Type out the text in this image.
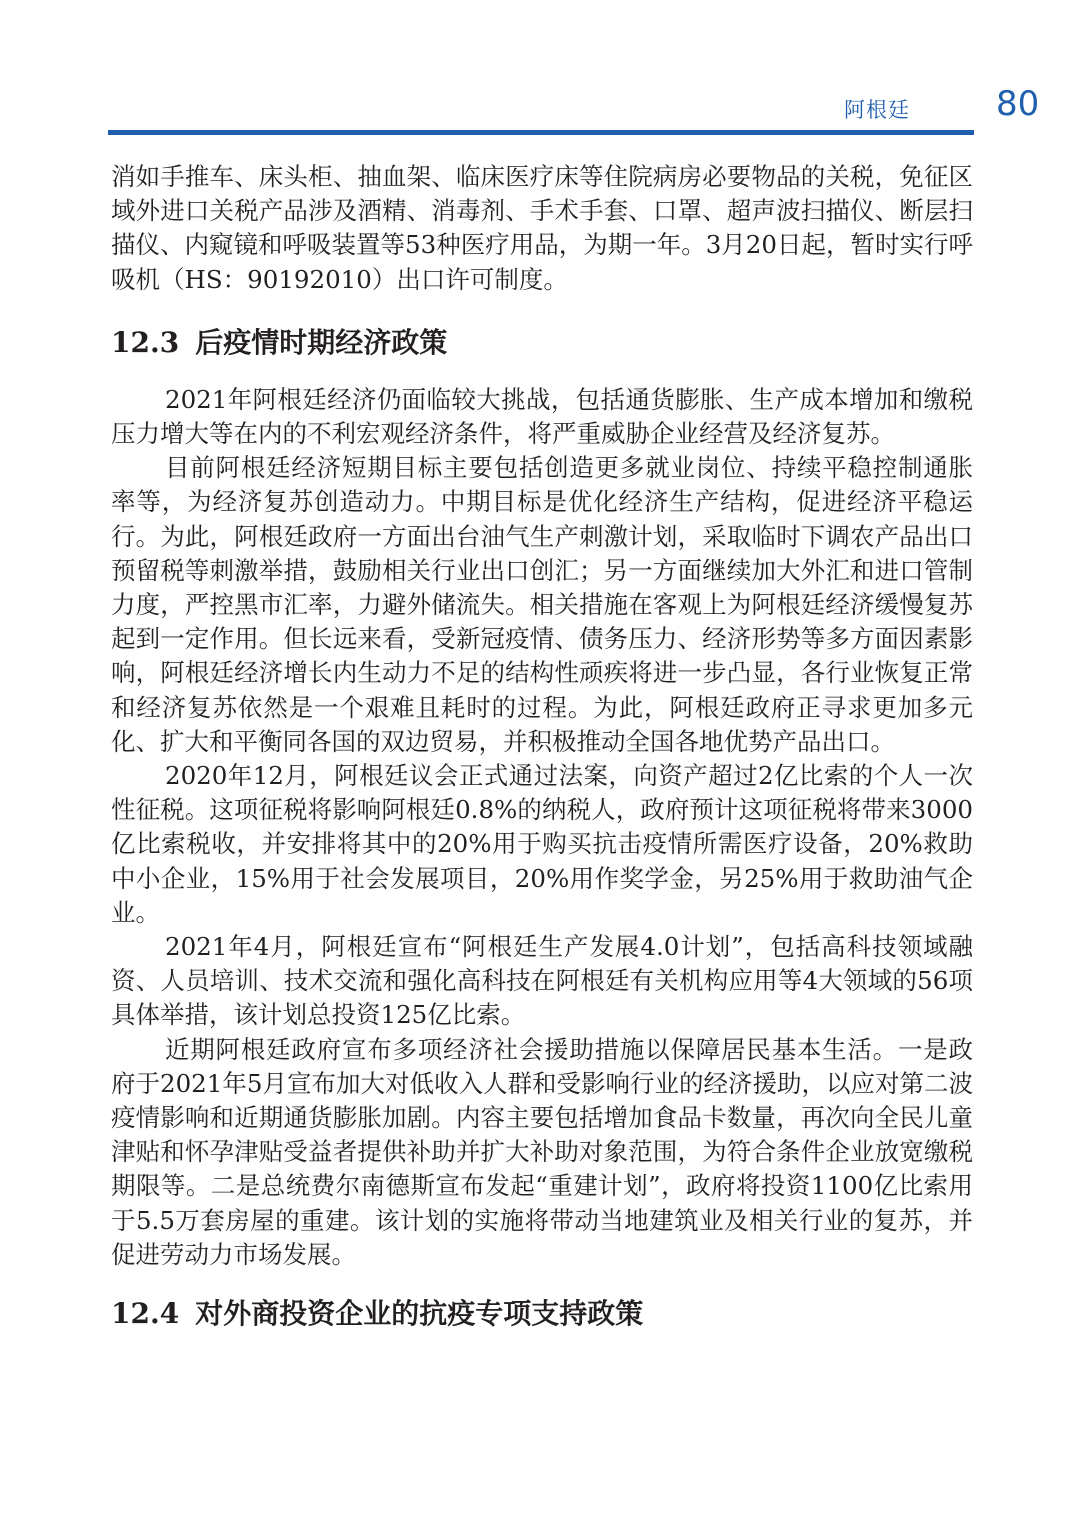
阿根廷	80

消如手推车、床头柜、抽血架、临床医疗床等住院病房必要物品的关税，免征区域外进口关税产品涉及酒精、消毒剂、手术手套、口罩、超声波扫描仪、断层扫描仪、内窥镜和呼吸装置等53种医疗用品，为期一年。3月20日起，暂时实行呼吸机（HS：90192010）出口许可制度。

12.3 后疫情时期经济政策

2021年阿根廷经济仍面临较大挑战，包括通货膨胀、生产成本增加和缴税压力增大等在内的不利宏观经济条件，将严重威胁企业经营及经济复苏。

目前阿根廷经济短期目标主要包括创造更多就业岗位、持续平稳控制通胀率等，为经济复苏创造动力。中期目标是优化经济生产结构，促进经济平稳运行。为此，阿根廷政府一方面出台油气生产刺激计划，采取临时下调农产品出口预留税等刺激举措，鼓励相关行业出口创汇；另一方面继续加大外汇和进口管制力度，严控黑市汇率，力避外储流失。相关措施在客观上为阿根廷经济缓慢复苏起到一定作用。但长远来看，受新冠疫情、债务压力、经济形势等多方面因素影响，阿根廷经济增长内生动力不足的结构性顽疾将进一步凸显，各行业恢复正常和经济复苏依然是一个艰难且耗时的过程。为此，阿根廷政府正寻求更加多元化、扩大和平衡同各国的双边贸易，并积极推动全国各地优势产品出口。

2020年12月，阿根廷议会正式通过法案，向资产超过2亿比索的个人一次性征税。这项征税将影响阿根廷0.8%的纳税人，政府预计这项征税将带来3000亿比索税收，并安排将其中的20%用于购买抗击疫情所需医疗设备，20%救助中小企业，15%用于社会发展项目，20%用作奖学金，另25%用于救助油气企业。

2021年4月，阿根廷宣布“阿根廷生产发展4.0计划”，包括高科技领域融资、人员培训、技术交流和强化高科技在阿根廷有关机构应用等4大领域的56项具体举措，该计划总投资125亿比索。

近期阿根廷政府宣布多项经济社会援助措施以保障居民基本生活。一是政府于2021年5月宣布加大对低收入人群和受影响行业的经济援助，以应对第二波疫情影响和近期通货膨胀加剧。内容主要包括增加食品卡数量，再次向全民儿童津贴和怀孕津贴受益者提供补助并扩大补助对象范围，为符合条件企业放宽缴税期限等。二是总统费尔南德斯宣布发起“重建计划”，政府将投资1100亿比索用于5.5万套房屋的重建。该计划的实施将带动当地建筑业及相关行业的复苏，并促进劳动力市场发展。

12.4 对外商投资企业的抗疫专项支持政策
